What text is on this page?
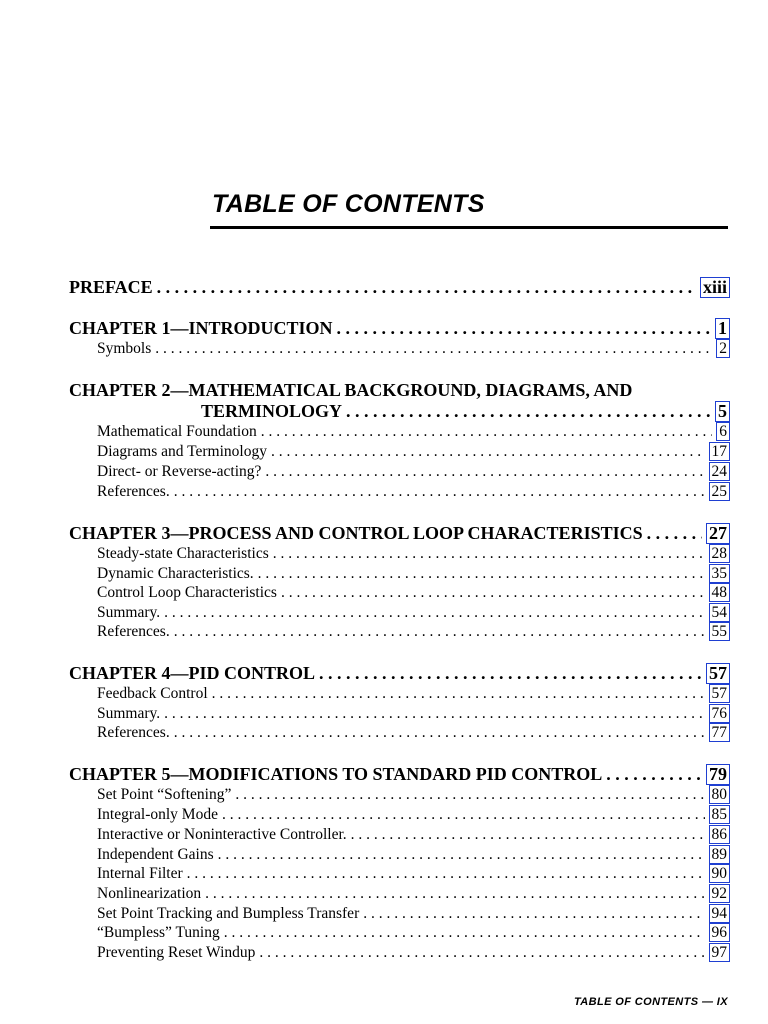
TABLE OF CONTENTS
PREFACE . . .	xiii
CHAPTER 1—INTRODUCTION . . .	1
Symbols . . .	2
CHAPTER 2—MATHEMATICAL BACKGROUND, DIAGRAMS, AND
TERMINOLOGY . . .	5
Mathematical Foundation . . .	6
Diagrams and Terminology . . .	17
Direct- or Reverse-acting? . . .	24
References. . . .	25
CHAPTER 3—PROCESS AND CONTROL LOOP CHARACTERISTICS . . .	27
Steady-state Characteristics . . .	28
Dynamic Characteristics. . . .	35
Control Loop Characteristics . . .	48
Summary. . . .	54
References. . . .	55
CHAPTER 4—PID CONTROL . . .	57
Feedback Control . . .	57
Summary. . . .	76
References. . . .	77
CHAPTER 5—MODIFICATIONS TO STANDARD PID CONTROL . . .	79
Set Point “Softening” . . .	80
Integral-only Mode . . .	85
Interactive or Noninteractive Controller. . . .	86
Independent Gains . . .	89
Internal Filter . . .	90
Nonlinearization . . .	92
Set Point Tracking and Bumpless Transfer . . .	94
“Bumpless” Tuning . . .	96
Preventing Reset Windup . . .	97
TABLE OF CONTENTS — IX
